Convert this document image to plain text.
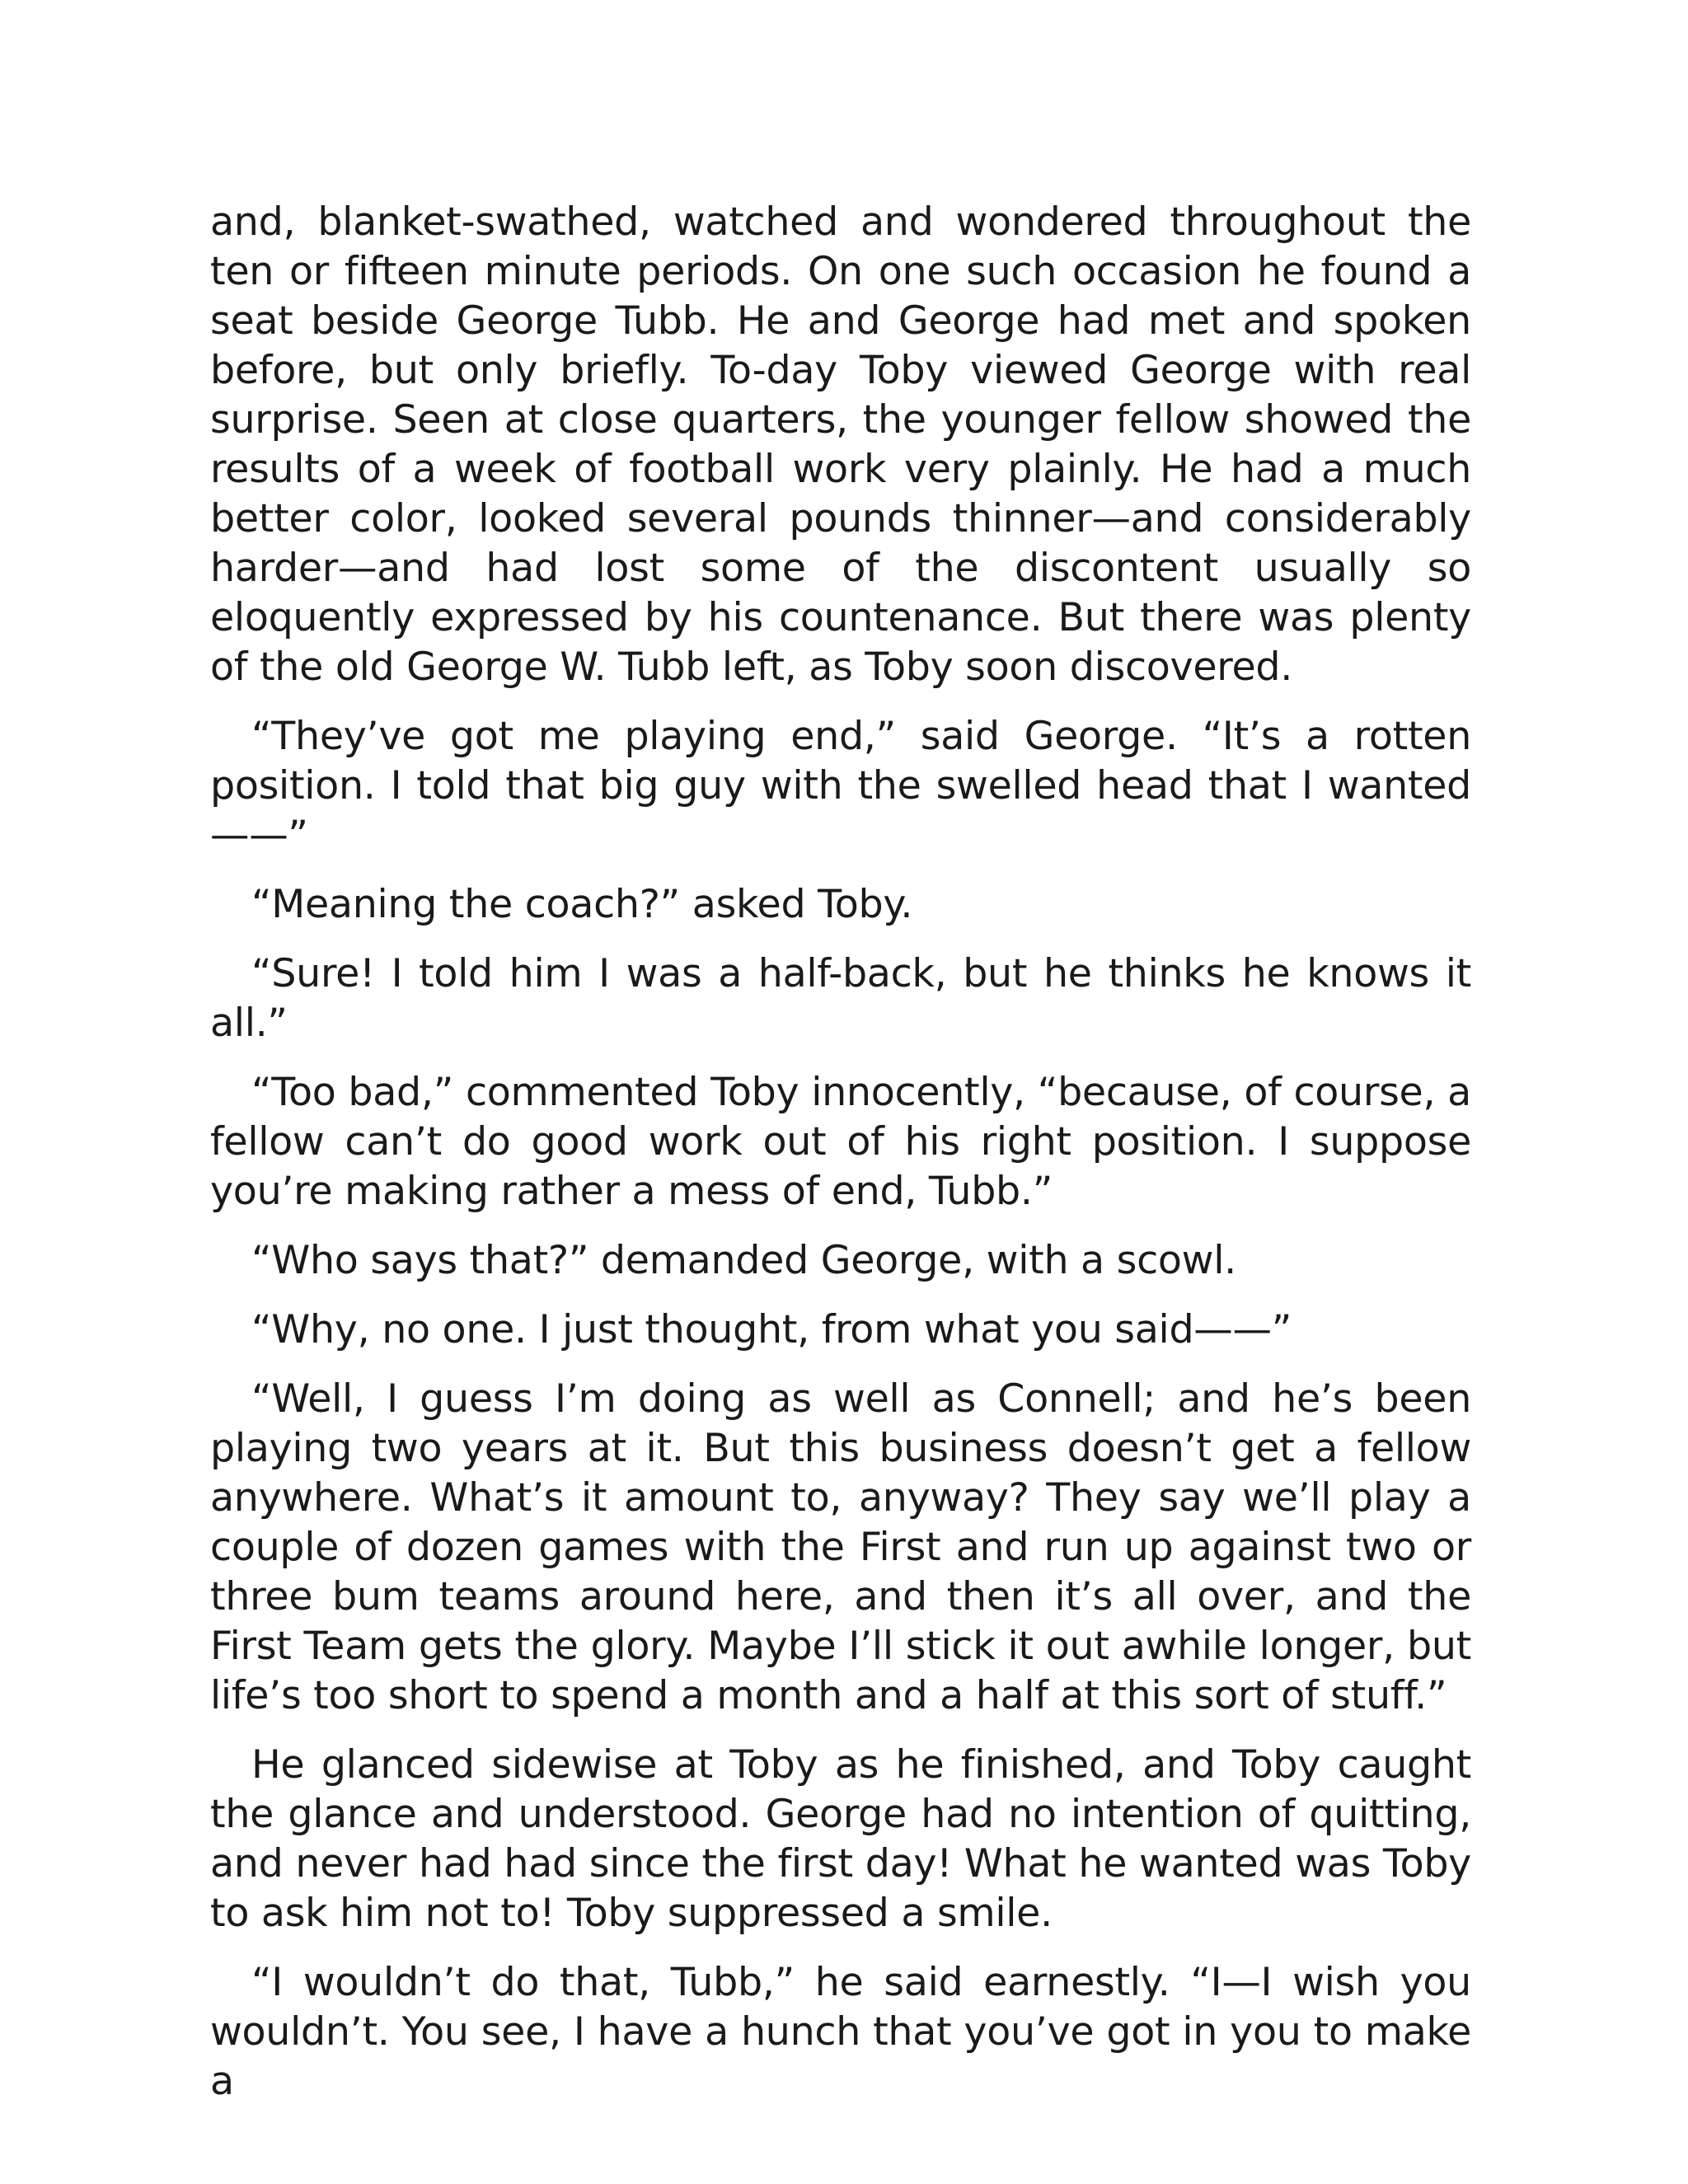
and, blanket-swathed, watched and wondered throughout the ten or fifteen minute periods. On one such occasion he found a seat beside George Tubb. He and George had met and spoken before, but only briefly. To-day Toby viewed George with real surprise. Seen at close quarters, the younger fellow showed the results of a week of football work very plainly. He had a much better color, looked several pounds thinner—and considerably harder—and had lost some of the discontent usually so eloquently expressed by his countenance. But there was plenty of the old George W. Tubb left, as Toby soon discovered.

“They’ve got me playing end,” said George. “It’s a rotten position. I told that big guy with the swelled head that I wanted——”

“Meaning the coach?” asked Toby.

“Sure! I told him I was a half-back, but he thinks he knows it all.”

“Too bad,” commented Toby innocently, “because, of course, a fellow can’t do good work out of his right position. I suppose you’re making rather a mess of end, Tubb.”

“Who says that?” demanded George, with a scowl.

“Why, no one. I just thought, from what you said——”

“Well, I guess I’m doing as well as Connell; and he’s been playing two years at it. But this business doesn’t get a fellow anywhere. What’s it amount to, anyway? They say we’ll play a couple of dozen games with the First and run up against two or three bum teams around here, and then it’s all over, and the First Team gets the glory. Maybe I’ll stick it out awhile longer, but life’s too short to spend a month and a half at this sort of stuff.”

He glanced sidewise at Toby as he finished, and Toby caught the glance and understood. George had no intention of quitting, and never had had since the first day! What he wanted was Toby to ask him not to! Toby suppressed a smile.

“I wouldn’t do that, Tubb,” he said earnestly. “I—I wish you wouldn’t. You see, I have a hunch that you’ve got in you to make a
